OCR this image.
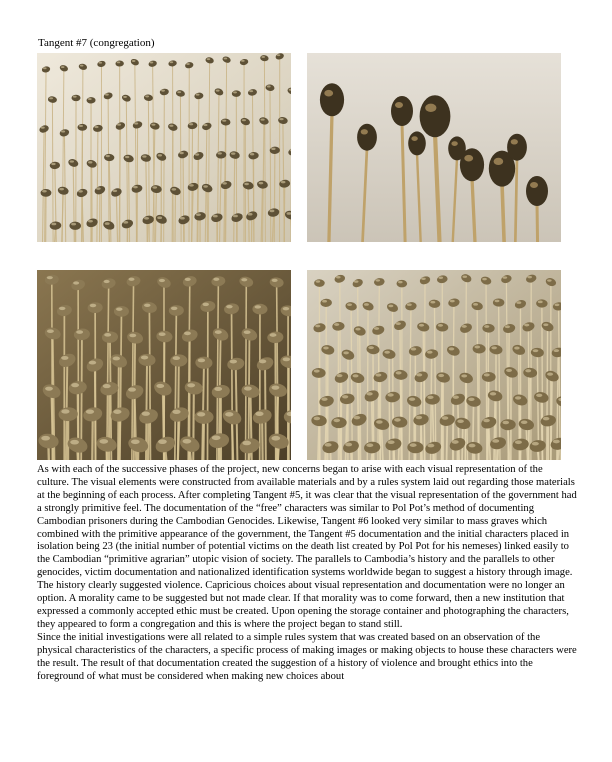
Tangent #7 (congregation)

As with each of the successive phases of the project, new concerns began to arise with each visual representation of the culture. The visual elements were constructed from available materials and by a rules system laid out regarding those materials at the beginning of each process. After completing Tangent #5, it was clear that the visual representation of the government had a strongly primitive feel. The documentation of the “free” characters was similar to Pol Pot’s method of documenting Cambodian prisoners during the Cambodian Genocides. Likewise, Tangent #6 looked very similar to mass graves which combined with the primitive appearance of the government, the Tangent #5 documentation and the initial characters placed in isolation being 23 (the initial number of potential victims on the death list created by Pol Pot for his nemeses) linked easily to the Cambodian “primitive agrarian” utopic vision of society. The parallels to Cambodia’s history and the parallels to other genocides, victim documentation and nationalized identification systems worldwide began to suggest a history through image. The history clearly suggested violence. Capricious choices about visual representation and documentation were no longer an option. A morality came to be suggested but not made clear. If that morality was to come forward, then a new institution that expressed a commonly accepted ethic must be created. Upon opening the storage container and photographing the characters, they appeared to form a congregation and this is where the project began to stand still.

Since the initial investigations were all related to a simple rules system that was created based on an observation of the physical characteristics of the characters, a specific process of making images or making objects to house these characters were the result. The result of that documentation created the suggestion of a history of violence and brought ethics into the foreground of what must be considered when making new choices about
